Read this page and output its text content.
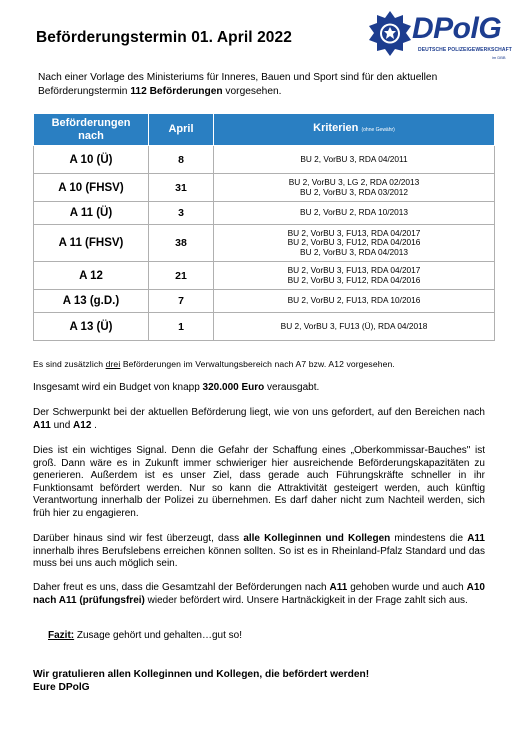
Beförderungstermin 01. April 2022	DPolG
DEUTSCHE POLIZEIGEWERKSCHAFT
im DBB
Nach einer Vorlage des Ministeriums für Inneres, Bauen und Sport sind für den aktuellen Beförderungstermin 112 Beförderungen vorgesehen.
Beförderungen nach	April	Kriterien (ohne Gewähr)
A 10 (Ü)	8	BU 2, VorBU 3, RDA 04/2011

A 10 (FHSV)	31	BU 2, VorBU 3, LG 2, RDA 02/2013
BU 2, VorBU 3, RDA 03/2012

A 11 (Ü)	3	BU 2, VorBU 2, RDA 10/2013

A 11 (FHSV)	38	BU 2, VorBU 3, FU13, RDA 04/2017
BU 2, VorBU 3, FU12, RDA 04/2016
BU 2, VorBU 3, RDA 04/2013

A 12	21	BU 2, VorBU 3, FU13, RDA 04/2017
BU 2, VorBU 3, FU12, RDA 04/2016

A 13 (g.D.)	7	BU 2, VorBU 2, FU13, RDA 10/2016

A 13 (Ü)	1	BU 2, VorBU 3, FU13 (Ü), RDA 04/2018
Es sind zusätzlich drei Beförderungen im Verwaltungsbereich nach A7 bzw. A12 vorgesehen.
Insgesamt wird ein Budget von knapp 320.000 Euro verausgabt.
Der Schwerpunkt bei der aktuellen Beförderung liegt, wie von uns gefordert, auf den Bereichen nach A11 und A12 .
Dies ist ein wichtiges Signal. Denn die Gefahr der Schaffung eines „Oberkommissar-Bauches" ist groß. Dann wäre es in Zukunft immer schwieriger hier ausreichende Beförderungskapazitäten zu generieren. Außerdem ist es unser Ziel, dass gerade auch Führungskräfte schneller in ihr Funktionsamt befördert werden. Nur so kann die Attraktivität gesteigert werden, auch künftig Verantwortung innerhalb der Polizei zu übernehmen. Es darf daher nicht zum Nachteil werden, sich früh hier zu engagieren.
Darüber hinaus sind wir fest überzeugt, dass alle Kolleginnen und Kollegen mindestens die A11 innerhalb ihres Berufslebens erreichen können sollten. So ist es in Rheinland-Pfalz Standard und das muss bei uns auch möglich sein.
Daher freut es uns, dass die Gesamtzahl der Beförderungen nach A11 gehoben wurde und auch A10 nach A11 (prüfungsfrei) wieder befördert wird. Unsere Hartnäckigkeit in der Frage zahlt sich aus.
Fazit: Zusage gehört und gehalten…gut so!
Wir gratulieren allen Kolleginnen und Kollegen, die befördert werden!
Eure DPolG
